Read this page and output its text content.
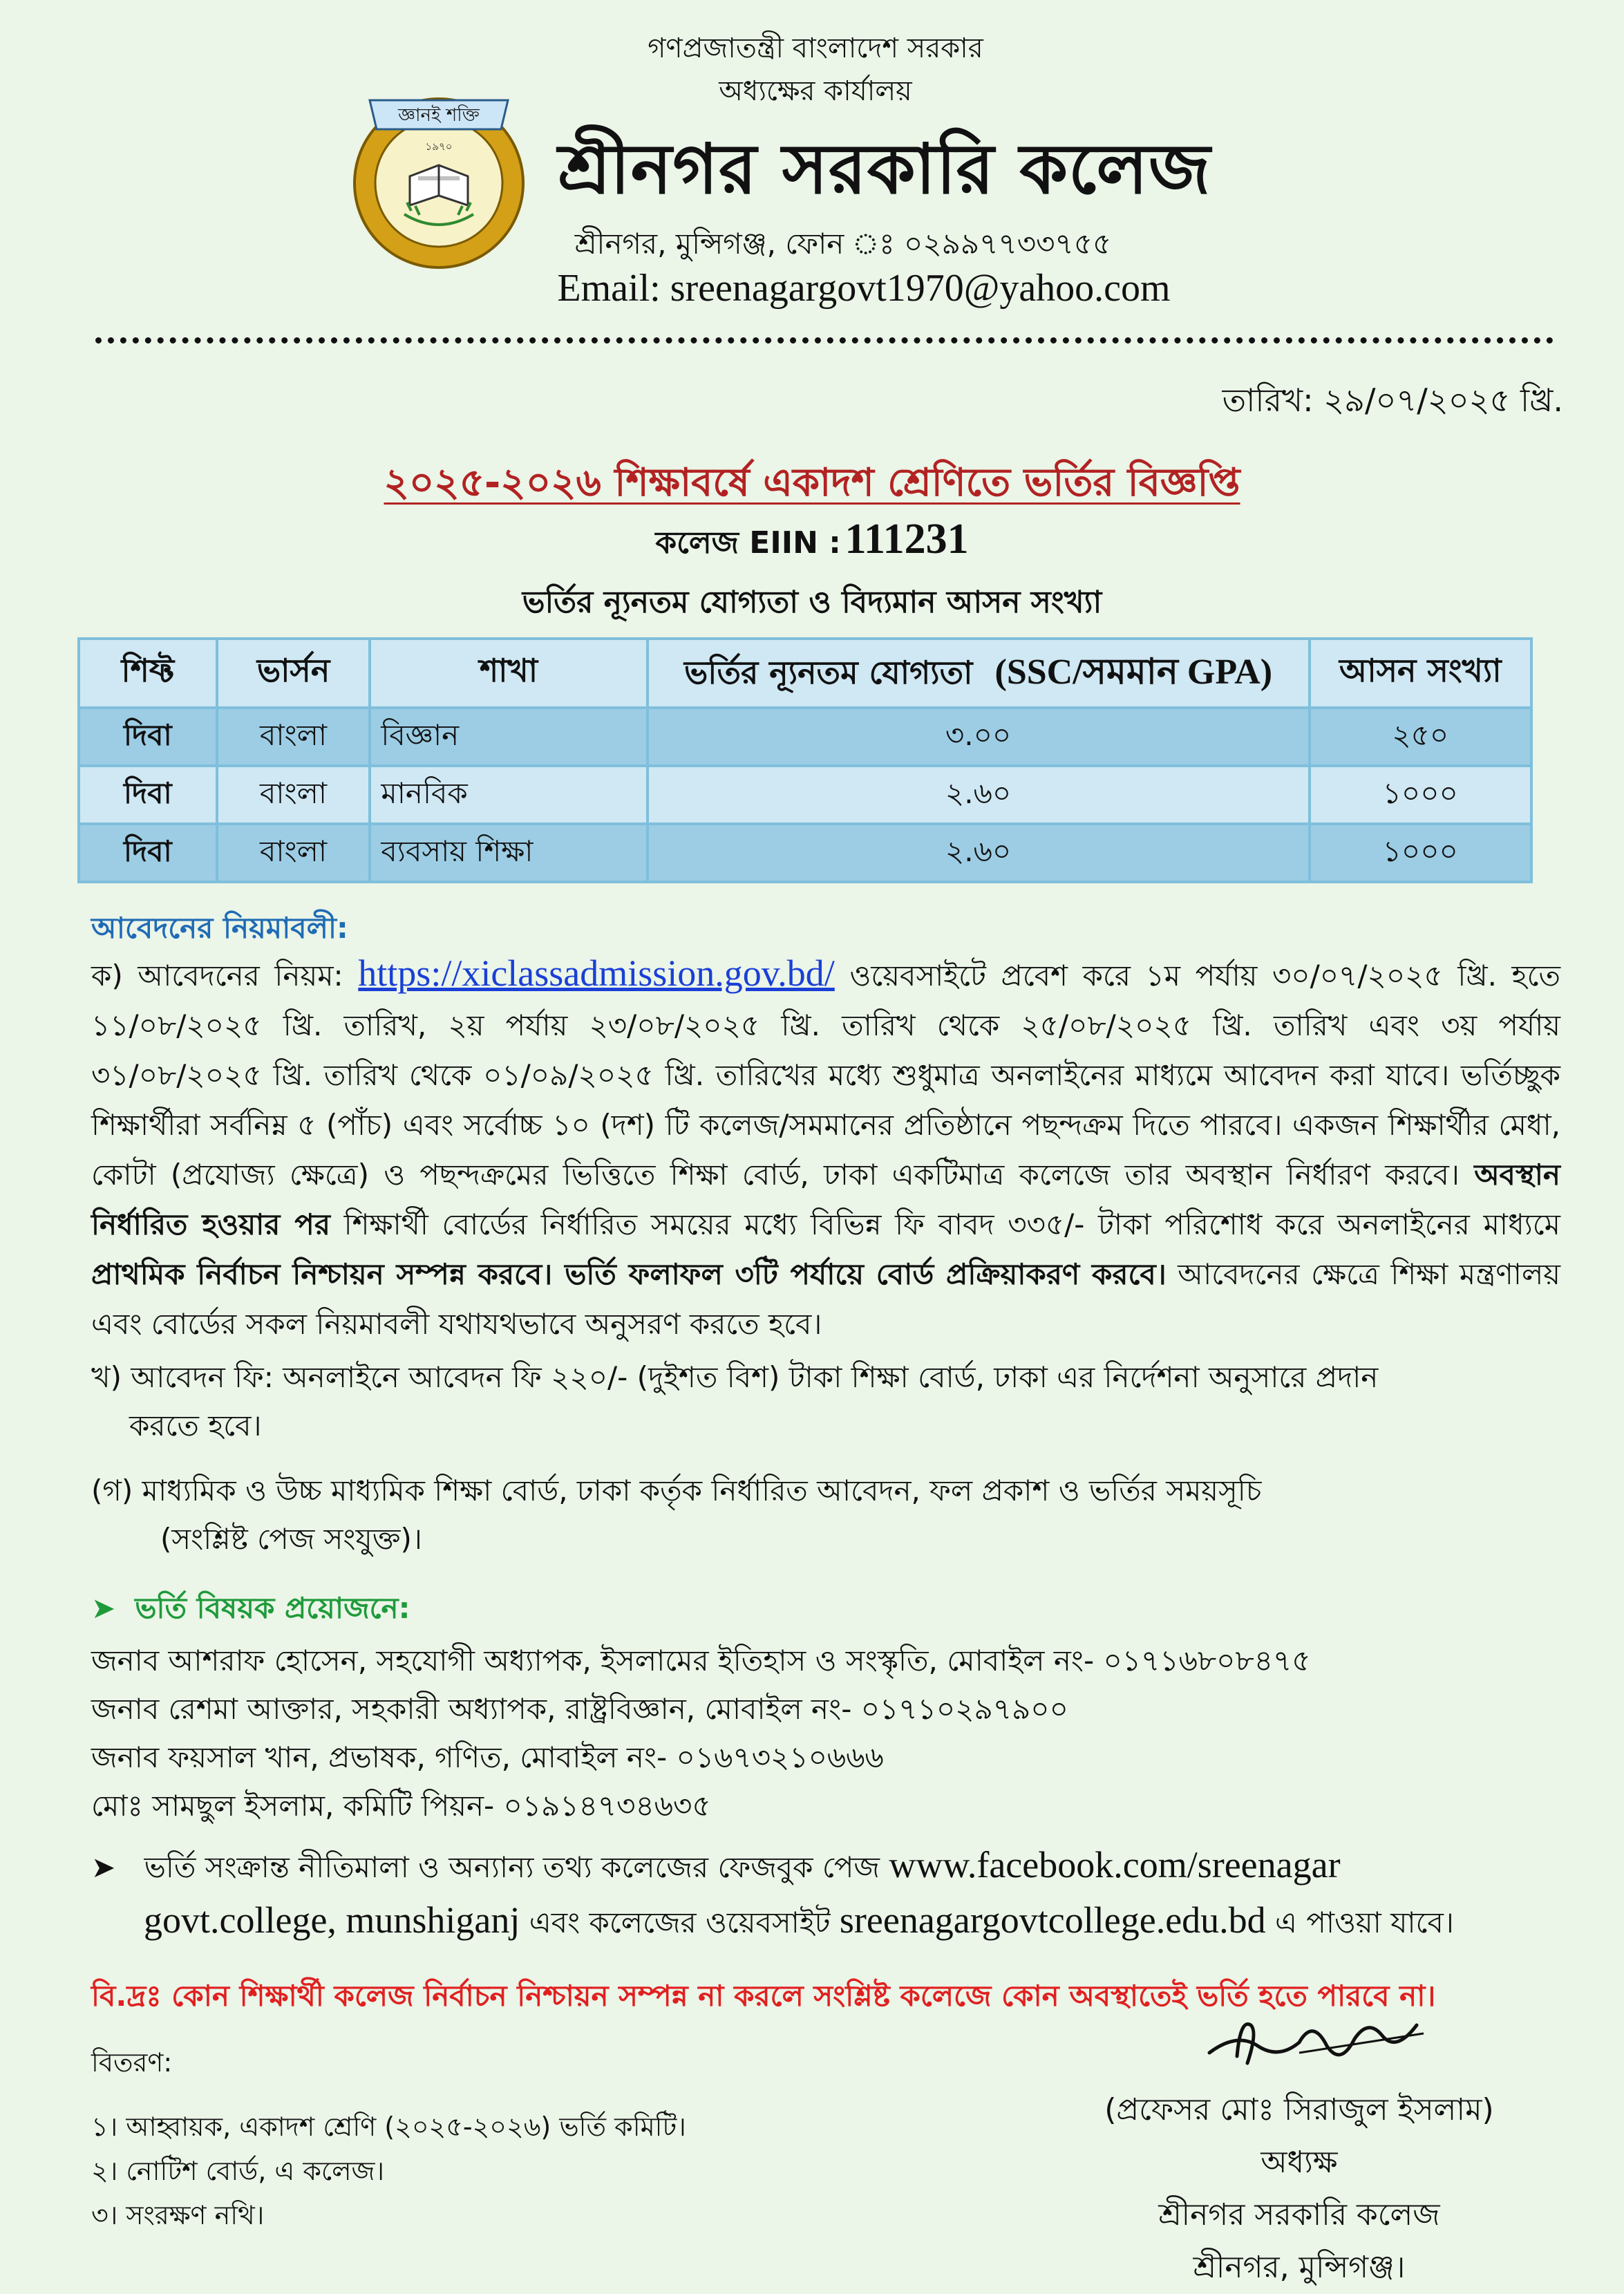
জ্ঞানই শক্তি
১৯৭০
গণপ্রজাতন্ত্রী বাংলাদেশ সরকার
অধ্যক্ষের কার্যালয়
শ্রীনগর সরকারি কলেজ
শ্রীনগর, মুন্সিগঞ্জ, ফোন ঃ ০২৯৯৭৭৩৩৭৫৫
Email: sreenagargovt1970@yahoo.com
তারিখ: ২৯/০৭/২০২৫ খ্রি.
২০২৫-২০২৬ শিক্ষাবর্ষে একাদশ শ্রেণিতে ভর্তির বিজ্ঞপ্তি
কলেজ EIIN : 111231
ভর্তির ন্যূনতম যোগ্যতা ও বিদ্যমান আসন সংখ্যা
শিফ্ট	ভার্সন	শাখা	ভর্তির ন্যূনতম যোগ্যতা (SSC/সমমান GPA)	আসন সংখ্যা
দিবা	বাংলা	বিজ্ঞান	৩.০০	২৫০
দিবা	বাংলা	মানবিক	২.৬০	১০০০
দিবা	বাংলা	ব্যবসায় শিক্ষা	২.৬০	১০০০
আবেদনের নিয়মাবলী:
ক) আবেদনের নিয়ম: https://xiclassadmission.gov.bd/ ওয়েবসাইটে প্রবেশ করে ১ম পর্যায় ৩০/০৭/২০২৫ খ্রি. হতে ১১/০৮/২০২৫ খ্রি. তারিখ, ২য় পর্যায় ২৩/০৮/২০২৫ খ্রি. তারিখ থেকে ২৫/০৮/২০২৫ খ্রি. তারিখ এবং ৩য় পর্যায় ৩১/০৮/২০২৫ খ্রি. তারিখ থেকে ০১/০৯/২০২৫ খ্রি. তারিখের মধ্যে শুধুমাত্র অনলাইনের মাধ্যমে আবেদন করা যাবে। ভর্তিচ্ছুক শিক্ষার্থীরা সর্বনিম্ন ৫ (পাঁচ) এবং সর্বোচ্চ ১০ (দশ) টি কলেজ/সমমানের প্রতিষ্ঠানে পছন্দক্রম দিতে পারবে। একজন শিক্ষার্থীর মেধা, কোটা (প্রযোজ্য ক্ষেত্রে) ও পছন্দক্রমের ভিত্তিতে শিক্ষা বোর্ড, ঢাকা একটিমাত্র কলেজে তার অবস্থান নির্ধারণ করবে। অবস্থান নির্ধারিত হওয়ার পর শিক্ষার্থী বোর্ডের নির্ধারিত সময়ের মধ্যে বিভিন্ন ফি বাবদ ৩৩৫/- টাকা পরিশোধ করে অনলাইনের মাধ্যমে প্রাথমিক নির্বাচন নিশ্চায়ন সম্পন্ন করবে। ভর্তি ফলাফল ৩টি পর্যায়ে বোর্ড প্রক্রিয়াকরণ করবে। আবেদনের ক্ষেত্রে শিক্ষা মন্ত্রণালয় এবং বোর্ডের সকল নিয়মাবলী যথাযথভাবে অনুসরণ করতে হবে।
খ) আবেদন ফি: অনলাইনে আবেদন ফি ২২০/- (দুইশত বিশ) টাকা শিক্ষা বোর্ড, ঢাকা এর নির্দেশনা অনুসারে প্রদান
করতে হবে।
(গ) মাধ্যমিক ও উচ্চ মাধ্যমিক শিক্ষা বোর্ড, ঢাকা কর্তৃক নির্ধারিত আবেদন, ফল প্রকাশ ও ভর্তির সময়সূচি
(সংশ্লিষ্ট পেজ সংযুক্ত)।
➤ ভর্তি বিষয়ক প্রয়োজনে:
জনাব আশরাফ হোসেন, সহযোগী অধ্যাপক, ইসলামের ইতিহাস ও সংস্কৃতি, মোবাইল নং- ০১৭১৬৮০৮৪৭৫
জনাব রেশমা আক্তার, সহকারী অধ্যাপক, রাষ্ট্রবিজ্ঞান, মোবাইল নং- ০১৭১০২৯৭৯০০
জনাব ফয়সাল খান, প্রভাষক, গণিত, মোবাইল নং- ০১৬৭৩২১০৬৬৬
মোঃ সামছুল ইসলাম, কমিটি পিয়ন- ০১৯১৪৭৩৪৬৩৫
➤ ভর্তি সংক্রান্ত নীতিমালা ও অন্যান্য তথ্য কলেজের ফেজবুক পেজ www.facebook.com/sreenagar
govt.college, munshiganj এবং কলেজের ওয়েবসাইট sreenagargovtcollege.edu.bd এ পাওয়া যাবে।
বি.দ্রঃ কোন শিক্ষার্থী কলেজ নির্বাচন নিশ্চায়ন সম্পন্ন না করলে সংশ্লিষ্ট কলেজে কোন অবস্থাতেই ভর্তি হতে পারবে না।
বিতরণ:
১। আহ্বায়ক, একাদশ শ্রেণি (২০২৫-২০২৬) ভর্তি কমিটি।
২। নোটিশ বোর্ড, এ কলেজ।
৩। সংরক্ষণ নথি।
(প্রফেসর মোঃ সিরাজুল ইসলাম)
অধ্যক্ষ
শ্রীনগর সরকারি কলেজ
শ্রীনগর, মুন্সিগঞ্জ।
